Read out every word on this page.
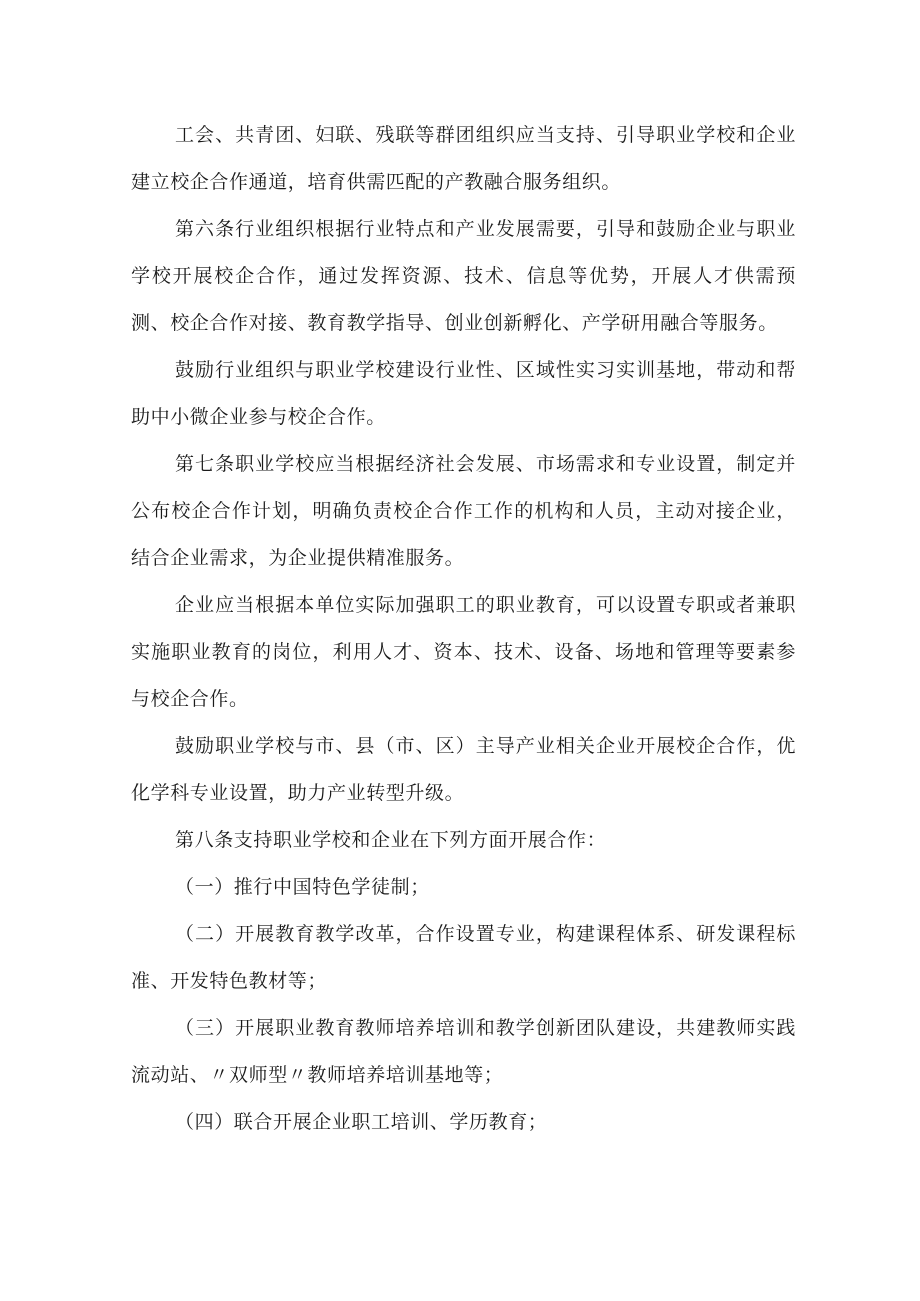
工会、共青团、妇联、残联等群团组织应当支持、引导职业学校和企业建立校企合作通道，培育供需匹配的产教融合服务组织。

第六条行业组织根据行业特点和产业发展需要，引导和鼓励企业与职业学校开展校企合作，通过发挥资源、技术、信息等优势，开展人才供需预测、校企合作对接、教育教学指导、创业创新孵化、产学研用融合等服务。

鼓励行业组织与职业学校建设行业性、区域性实习实训基地，带动和帮助中小微企业参与校企合作。

第七条职业学校应当根据经济社会发展、市场需求和专业设置，制定并公布校企合作计划，明确负责校企合作工作的机构和人员，主动对接企业，结合企业需求，为企业提供精准服务。

企业应当根据本单位实际加强职工的职业教育，可以设置专职或者兼职实施职业教育的岗位，利用人才、资本、技术、设备、场地和管理等要素参与校企合作。

鼓励职业学校与市、县（市、区）主导产业相关企业开展校企合作，优化学科专业设置，助力产业转型升级。

第八条支持职业学校和企业在下列方面开展合作：

（一）推行中国特色学徒制；

（二）开展教育教学改革，合作设置专业，构建课程体系、研发课程标准、开发特色教材等；

（三）开展职业教育教师培养培训和教学创新团队建设，共建教师实践流动站、〃双师型〃教师培养培训基地等；

（四）联合开展企业职工培训、学历教育；
